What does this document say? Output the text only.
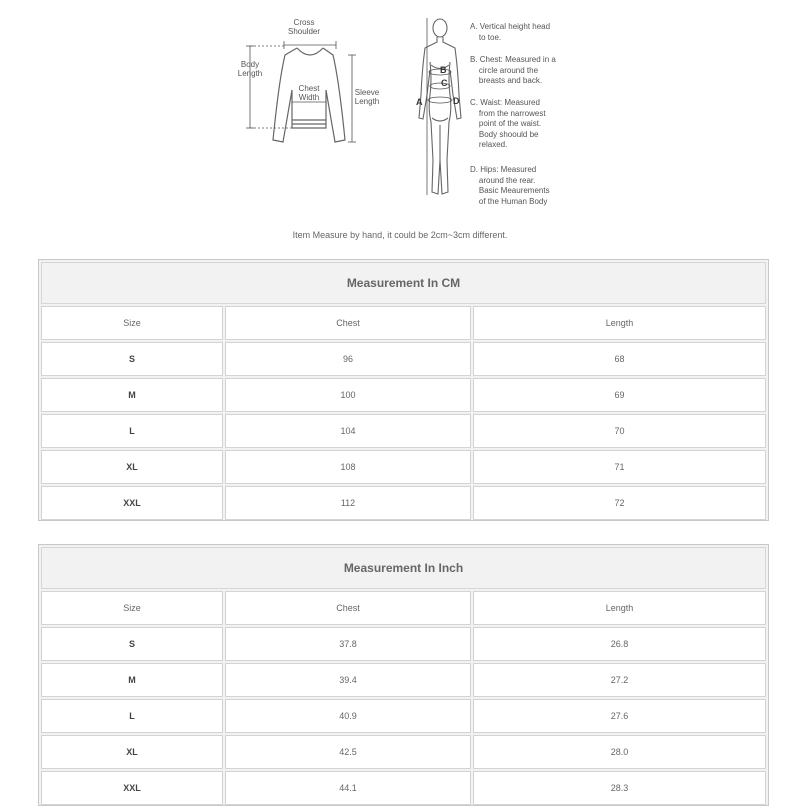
Cross
Shoulder
Body
Length
Chest
Width
Sleeve
Length	A
B
C
D
A. Vertical height head
to toe.
B. Chest: Measured in a
circle around the
breasts and back.
C. Waist: Measured
from the narrowest
point of the waist.
Body shoould be
relaxed.
D. Hips: Measured
around the rear.
Basic Meaurements
of the Human Body
Item Measure by hand, it could be 2cm~3cm different.
Measurement In CM
Size	Chest	Length
S	96	68
M	100	69
L	104	70
XL	108	71
XXL	112	72
Measurement In Inch
Size	Chest	Length
S	37.8	26.8
M	39.4	27.2
L	40.9	27.6
XL	42.5	28.0
XXL	44.1	28.3
